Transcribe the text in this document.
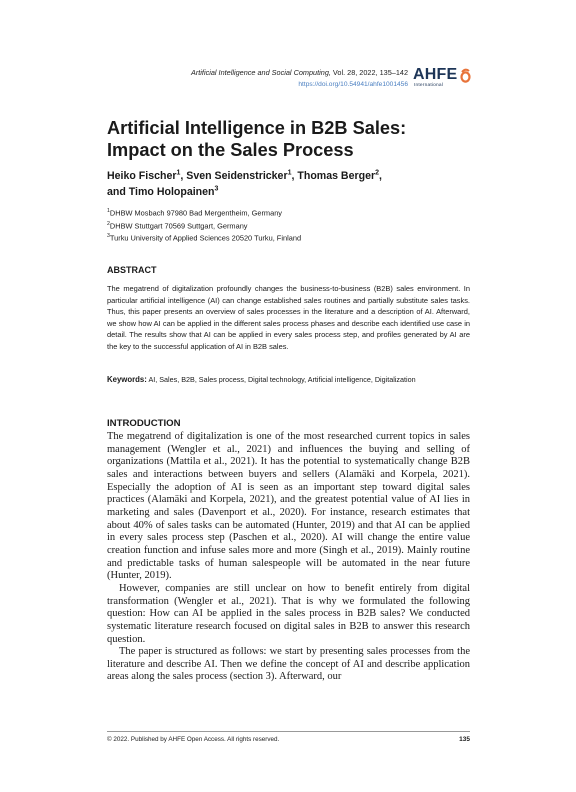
Artificial Intelligence and Social Computing, Vol. 28, 2022, 135–142
https://doi.org/10.54941/ahfe1001456
AHFE
International
Artificial Intelligence in B2B Sales:
Impact on the Sales Process
Heiko Fischer$^1$, Sven Seidenstricker$^1$, Thomas Berger$^2$,
and Timo Holopainen$^3$
$^1$DHBW Mosbach 97980 Bad Mergentheim, Germany
$^2$DHBW Stuttgart 70569 Suttgart, Germany
$^3$Turku University of Applied Sciences 20520 Turku, Finland
ABSTRACT

The megatrend of digitalization profoundly changes the business-to-business (B2B) sales environment. In particular artificial intelligence (AI) can change established sales routines and partially substitute sales tasks. Thus, this paper presents an overview of sales processes in the literature and a description of AI. Afterward, we show how AI can be applied in the different sales process phases and describe each identified use case in detail. The results show that AI can be applied in every sales process step, and profiles generated by AI are the key to the successful application of AI in B2B sales.

Keywords: AI, Sales, B2B, Sales process, Digital technology, Artificial intelligence, Digitalization
INTRODUCTION

The megatrend of digitalization is one of the most researched current topics in sales management (Wengler et al., 2021) and influences the buying and selling of organizations (Mattila et al., 2021). It has the potential to systematically change B2B sales and interactions between buyers and sellers (Alamäki and Korpela, 2021). Especially the adoption of AI is seen as an important step toward digital sales practices (Alamäki and Korpela, 2021), and the greatest potential value of AI lies in marketing and sales (Davenport et al., 2020). For instance, research estimates that about 40% of sales tasks can be automated (Hunter, 2019) and that AI can be applied in every sales process step (Paschen et al., 2020). AI will change the entire value creation function and infuse sales more and more (Singh et al., 2019). Mainly routine and predictable tasks of human salespeople will be automated in the near future (Hunter, 2019).

However, companies are still unclear on how to benefit entirely from digital transformation (Wengler et al., 2021). That is why we formulated the following question: How can AI be applied in the sales process in B2B sales? We conducted systematic literature research focused on digital sales in B2B to answer this research question.

The paper is structured as follows: we start by presenting sales processes from the literature and describe AI. Then we define the concept of AI and describe application areas along the sales process (section 3). Afterward, our

© 2022. Published by AHFE Open Access. All rights reserved.	135
